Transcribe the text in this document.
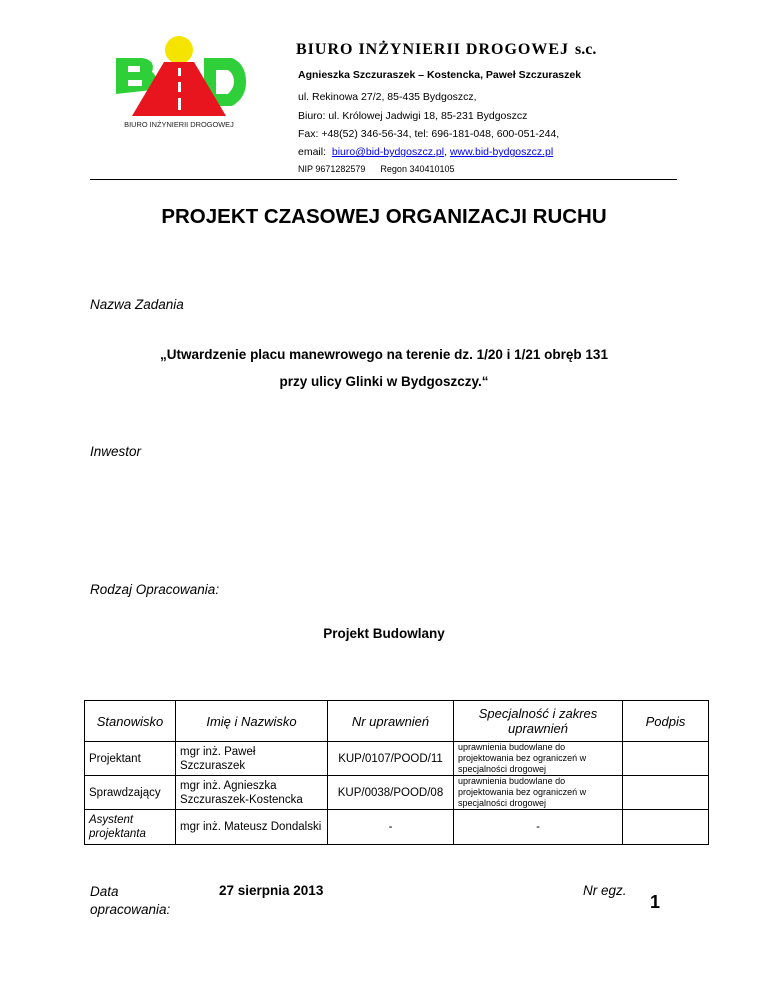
BIURO INŻYNIERII DROGOWEJ
BIURO INŻYNIERII DROGOWEJ s.c.
Agnieszka Szczuraszek – Kostencka, Paweł Szczuraszek
ul. Rekinowa 27/2, 85-435 Bydgoszcz,
Biuro: ul. Królowej Jadwigi 18, 85-231 Bydgoszcz
Fax: +48(52) 346-56-34, tel: 696-181-048, 600-051-244,
email: biuro@bid-bydgoszcz.pl, www.bid-bydgoszcz.pl
NIP 9671282579 Regon 340410105
PROJEKT CZASOWEJ ORGANIZACJI RUCHU
Nazwa Zadania
„Utwardzenie placu manewrowego na terenie dz. 1/20 i 1/21 obręb 131
przy ulicy Glinki w Bydgoszczy.“
Inwestor
Rodzaj Opracowania:
Projekt Budowlany
Stanowisko	Imię i Nazwisko	Nr uprawnień	Specjalność i zakres uprawnień	Podpis
Projektant	mgr inż. Paweł Szczuraszek	KUP/0107/POOD/11	uprawnienia budowlane do projektowania bez ograniczeń w specjalności drogowej	
Sprawdzający	mgr inż. Agnieszka Szczuraszek-Kostencka	KUP/0038/POOD/08	uprawnienia budowlane do projektowania bez ograniczeń w specjalności drogowej	
Asystent projektanta	mgr inż. Mateusz Dondalski	-	-	
Data opracowania:
27 sierpnia 2013	Nr egz.
1
